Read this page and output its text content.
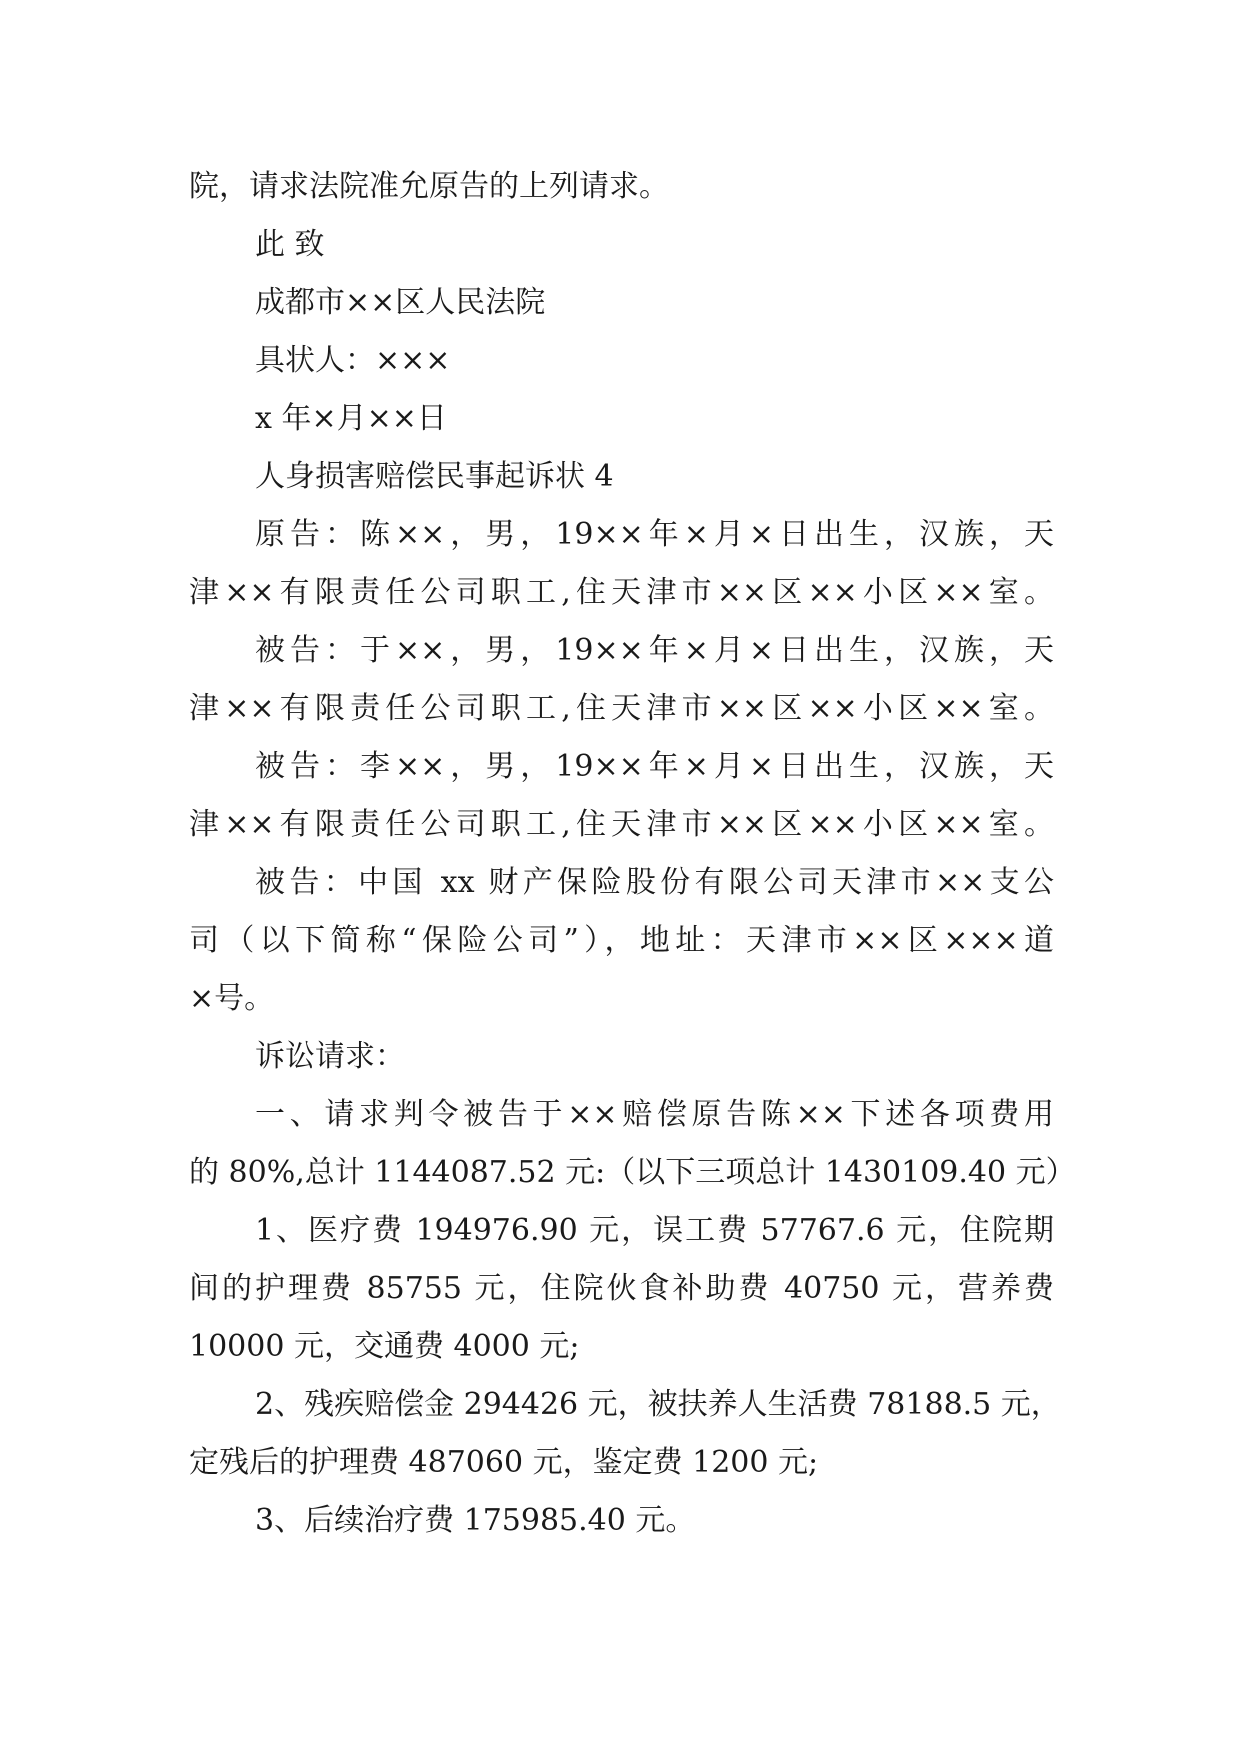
院，请求法院准允原告的上列请求。

此 致

成都市××区人民法院

具状人：×××

x 年×月××日

人身损害赔偿民事起诉状 4

原告：陈××，男，19××年×月×日出生，汉族，天
津××有限责任公司职工,住天津市××区××小区××室。

被告：于××，男，19××年×月×日出生，汉族，天
津××有限责任公司职工,住天津市××区××小区××室。

被告：李××，男，19××年×月×日出生，汉族，天
津××有限责任公司职工,住天津市××区××小区××室。

被告：中国 xx 财产保险股份有限公司天津市××支公
司（以下简称“保险公司”），地址：天津市××区×××道
×号。

诉讼请求：

一、请求判令被告于××赔偿原告陈××下述各项费用
的 80%,总计 1144087.52 元:（以下三项总计 1430109.40 元）

1、医疗费 194976.90 元，误工费 57767.6 元，住院期
间的护理费 85755 元，住院伙食补助费 40750 元，营养费
10000 元，交通费 4000 元;

2、残疾赔偿金 294426 元，被扶养人生活费 78188.5 元，
定残后的护理费 487060 元，鉴定费 1200 元;

3、后续治疗费 175985.40 元。
